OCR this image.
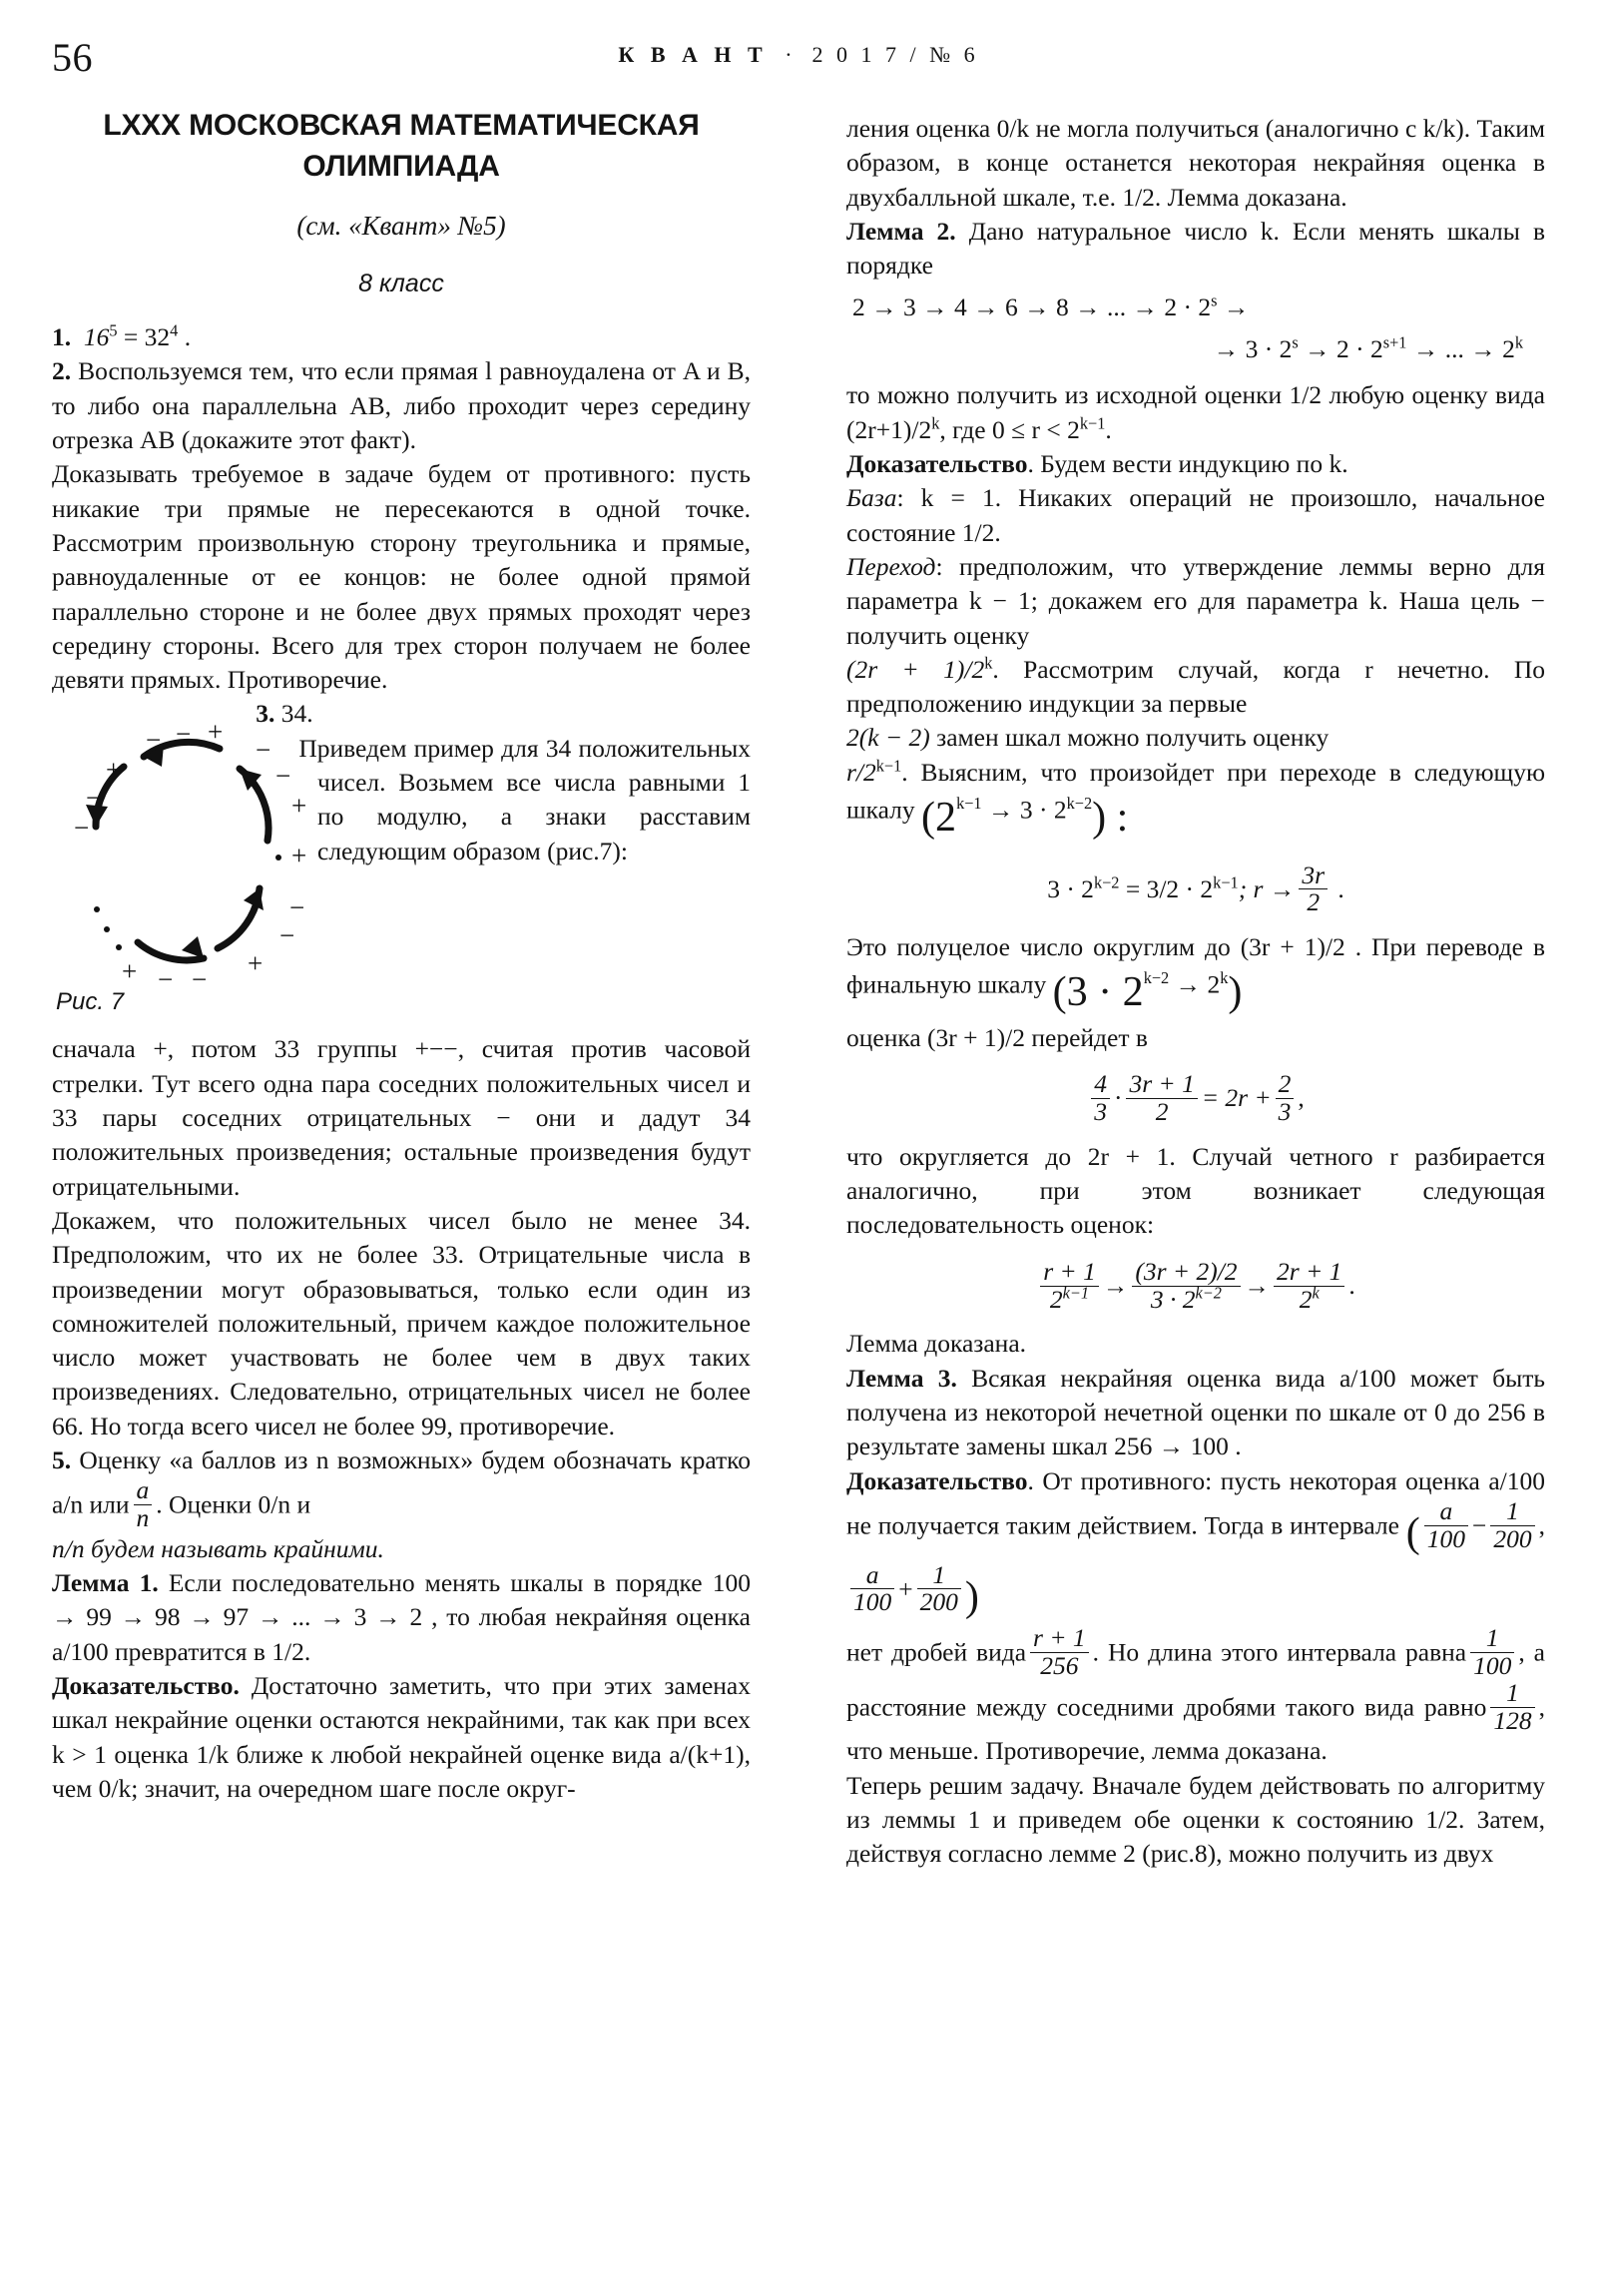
56	К В А Н Т · 2 0 1 7 / № 6
LXXX МОСКОВСКАЯ МАТЕМАТИЧЕСКАЯ
ОЛИМПИАДА
(см. «Квант» №5)
8 класс

1. $16^5 = 32^4$ .

2. Воспользуемся тем, что если прямая l равноудалена от A и B, то либо она параллельна AB, либо проходит через середину отрезка AB (докажите этот факт).

Доказывать требуемое в задаче будем от противного: пусть никакие три прямые не пересекаются в одной точке. Рассмотрим произвольную сторону треугольника и прямые, равноудаленные от ее концов: не более одной прямой параллельно стороне и не более двух прямых проходят через середину стороны. Всего для трех сторон получаем не более девяти прямых. Противоречие.

− − +
−
−
+
+
−
−
+
−
−
+
+ − −
Рис. 7

3. 34.

Приведем пример для 34 положительных чисел. Возьмем все числа равными 1 по модулю, а знаки расставим следующим образом (рис.7):

сначала +, потом 33 группы +−−, считая против часовой стрелки. Тут всего одна пара соседних положительных чисел и 33 пары соседних отрицательных − они и дадут 34 положительных произведения; остальные произведения будут отрицательными.

Докажем, что положительных чисел было не менее 34. Предположим, что их не более 33. Отрицательные числа в произведении могут образовываться, только если один из сомножителей положительный, причем каждое положительное число может участвовать не более чем в двух таких произведениях. Следовательно, отрицательных чисел не более 66. Но тогда всего чисел не более 99, противоречие.

5. Оценку «a баллов из n возможных» будем обозначать кратко a/n или $\frac{a}{n}$ . Оценки 0/n и

n/n будем называть крайними.

Лемма 1. Если последовательно менять шкалы в порядке 100 → 99 → 98 → 97 → ... → 3 → 2 , то любая некрайняя оценка a/100 превратится в 1/2.

Доказательство. Достаточно заметить, что при этих заменах шкал некрайние оценки остаются некрайними, так как при всех k > 1 оценка 1/k ближе к любой некрайней оценке вида a/(k+1), чем 0/k; значит, на очередном шаге после округ-

ления оценка 0/k не могла получиться (аналогично с k/k). Таким образом, в конце останется некоторая некрайняя оценка в двухбалльной шкале, т.е. 1/2. Лемма доказана.

Лемма 2. Дано натуральное число k. Если менять шкалы в порядке

2 → 3 → 4 → 6 → 8 → ... → $2 \cdot 2^s$ →
→ $3 \cdot 2^s \to 2 \cdot 2^{s+1}$ → ... → $2^k$

то можно получить из исходной оценки 1/2 любую оценку вида $(2r+1)/2^k$, где $0 \le r < 2^{k-1}$.

Доказательство. Будем вести индукцию по k.

База: k = 1. Никаких операций не произошло, начальное состояние 1/2.

Переход: предположим, что утверждение леммы верно для параметра k − 1; докажем его для параметра k. Наша цель − получить оценку

$(2r + 1)/2^k$. Рассмотрим случай, когда r нечетно. По предположению индукции за первые

2(k − 2) замен шкал можно получить оценку

$r/2^{k-1}$. Выясним, что произойдет при переходе в следующую шкалу $(2^{k-1} \to 3 \cdot 2^{k-2})$ :

$3 \cdot 2^{k-2} = 3/2 \cdot 2^{k-1}$; $r \to \frac{3r}{2}$ .

Это полуцелое число округлим до (3r + 1)/2 . При переводе в финальную шкалу $(3 \cdot 2^{k-2} \to 2^k)$

оценка (3r + 1)/2 перейдет в

$\frac{4}{3} \cdot \frac{3r + 1}{2} = 2r + \frac{2}{3}$ ,

что округляется до 2r + 1. Случай четного r разбирается аналогично, при этом возникает следующая последовательность оценок:

$\frac{r + 1}{2^{k-1}} \to \frac{(3r + 2)/2}{3 \cdot 2^{k-2}} \to \frac{2r + 1}{2^k}$ .

Лемма доказана.

Лемма 3. Всякая некрайняя оценка вида a/100 может быть получена из некоторой нечетной оценки по шкале от 0 до 256 в результате замены шкал 256 → 100 .

Доказательство. От противного: пусть некоторая оценка a/100 не получается таким действием. Тогда в интервале ( $\frac{a}{100} - \frac{1}{200}$ ,
$\frac{a}{100} + \frac{1}{200}$ )

нет дробей вида $\frac{r + 1}{256}$ . Но длина этого интервала равна $\frac{1}{100}$ , а расстояние между соседними дробями такого вида равно $\frac{1}{128}$ , что меньше. Противоречие, лемма доказана.

Теперь решим задачу. Вначале будем действовать по алгоритму из леммы 1 и приведем обе оценки к состоянию 1/2. Затем, действуя согласно лемме 2 (рис.8), можно получить из двух
